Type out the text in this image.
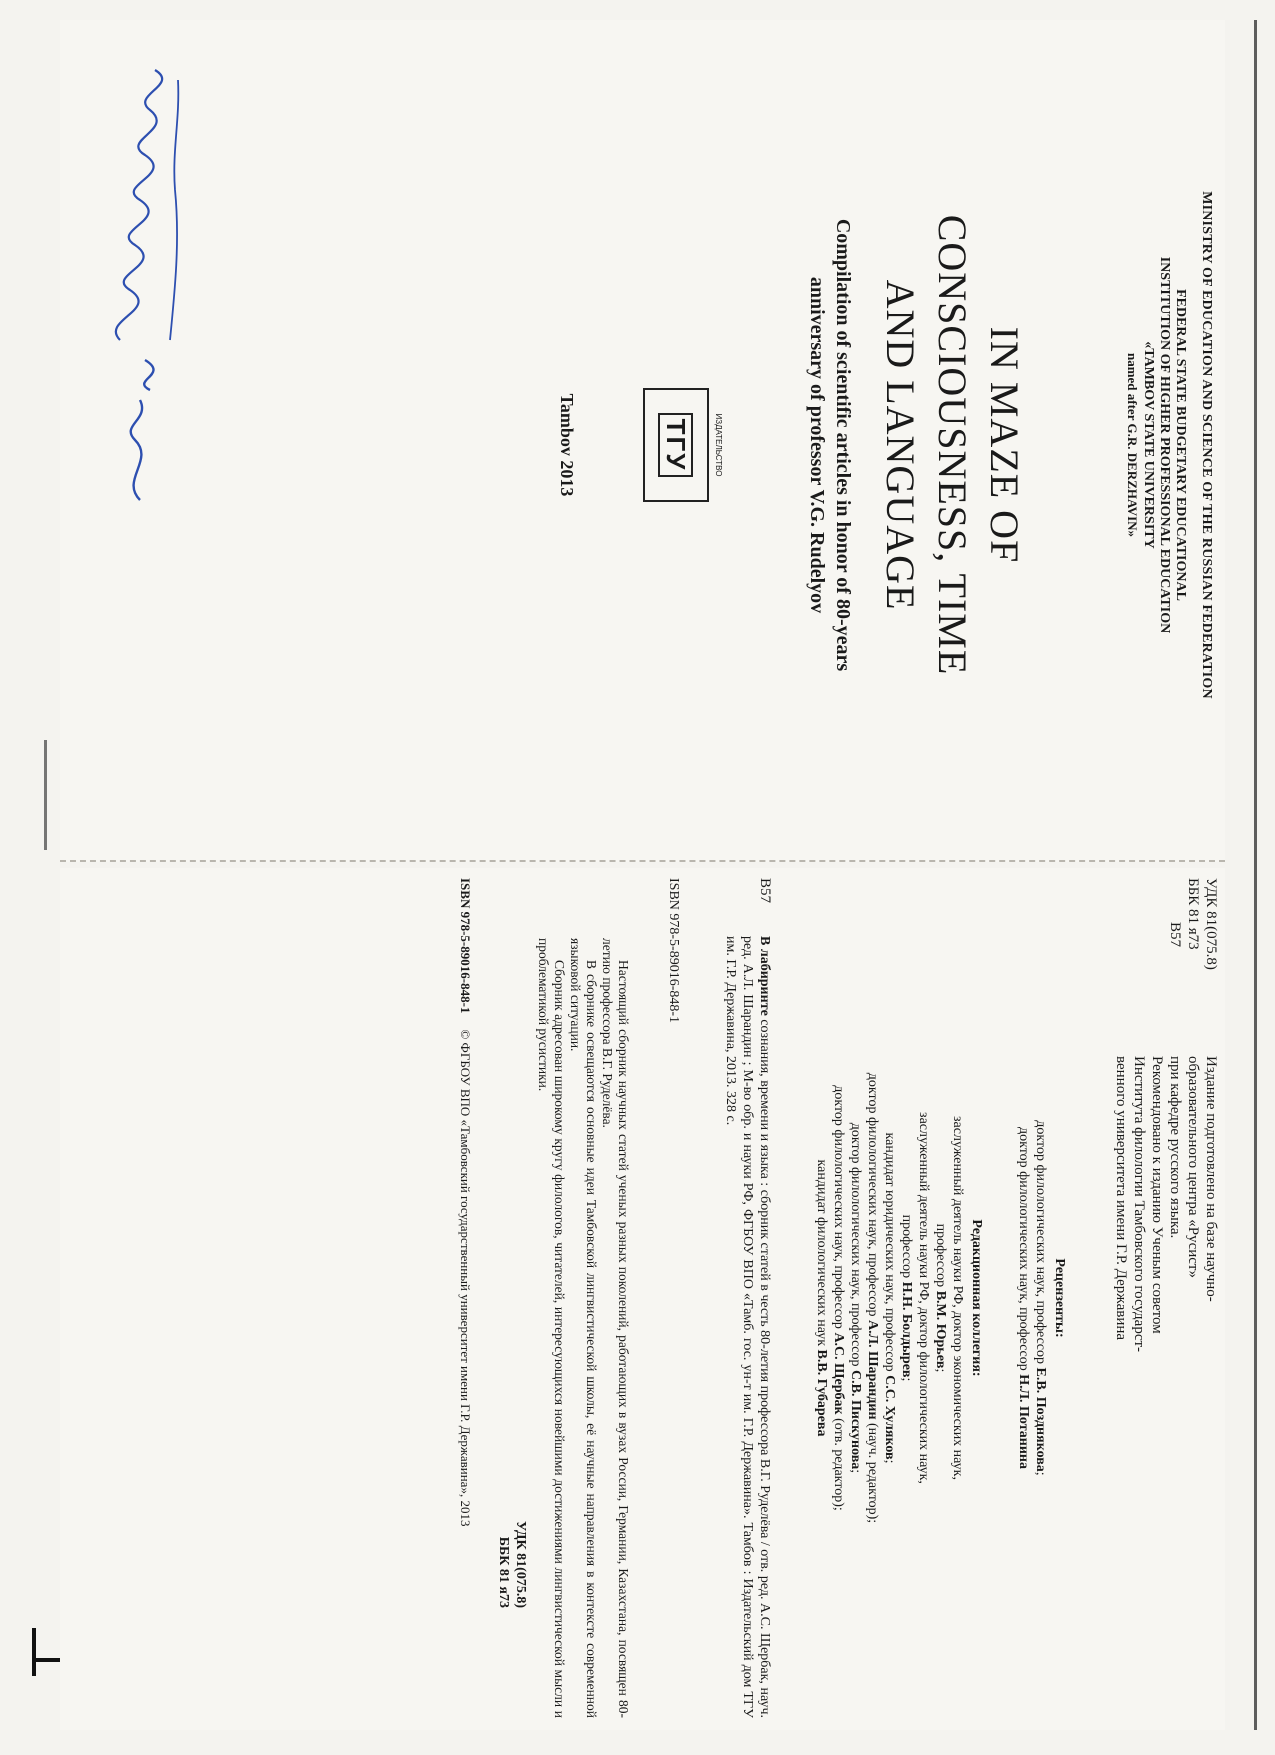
MINISTRY OF EDUCATION AND SCIENCE OF THE RUSSIAN FEDERATION
FEDERAL STATE BUDGETARY EDUCATIONAL
INSTITUTION OF HIGHER PROFESSIONAL EDUCATION
«TAMBOV STATE UNIVERSITY
named after G.R. DERZHAVIN»
IN MAZE OF
CONSCIOUSNESS, TIME
AND LANGUAGE
Compilation of scientific articles in honor of 80-years
anniversary of professor V.G. Rudelyov
ИЗДАТЕЛЬСТВО
ТГУ
Tambov 2013
УДК 81(075.8)
ББК 81 я73
В57

Издание подготовлено на базе научно-

образовательного центра «Русист»

при кафедре русского языка.

Рекомендовано к изданию Ученым советом

Института филологии Тамбовского государст-

венного университета имени Г.Р. Державина

Рецензенты:

доктор филологических наук, профессор Е.В. Позднякова;

доктор филологических наук, профессор Н.Л. Потанина

Редакционная коллегия:

заслуженный деятель науки РФ, доктор экономических наук,

профессор В.М. Юрьев;

заслуженный деятель науки РФ, доктор филологических наук,

профессор Н.Н. Болдырев;

кандидат юридических наук, профессор С.С. Хуляков;

доктор филологических наук, профессор А.Л. Шарандин (науч. редактор);

доктор филологических наук, профессор С.В. Пискунова;

доктор филологических наук, профессор А.С. Щербак (отв. редактор);

кандидат филологических наук В.В. Губарева

В57
В лабиринте сознания, времени и языка : сборник статей в честь 80-летия профессора В.Г. Руделёва / отв. ред. А.С. Щербак, науч. ред. А.Л. Шарандин ; М-во обр. и науки РФ, ФГБОУ ВПО «Тамб. гос. ун-т им. Г.Р. Державина». Тамбов : Издательский дом ТГУ им. Г.Р. Державина, 2013. 328 с.
ISBN 978-5-89016-848-1

Настоящий сборник научных статей ученых разных поколений, работающих в вузах России, Германии, Казахстана, посвящен 80-летию профессора В.Г. Руделёва.

В сборнике освещаются основные идеи Тамбовской лингвистической школы, её научные направления в контексте современной языковой ситуации.

Сборник адресован широкому кругу филологов, читателей, интересующихся новейшими достижениями лингвистической мысли и проблематикой русистики.

УДК 81(075.8)
ББК 81 я73
ISBN 978-5-89016-848-1
© ФГБОУ ВПО «Тамбовский государственный университет имени Г.Р. Державина», 2013
